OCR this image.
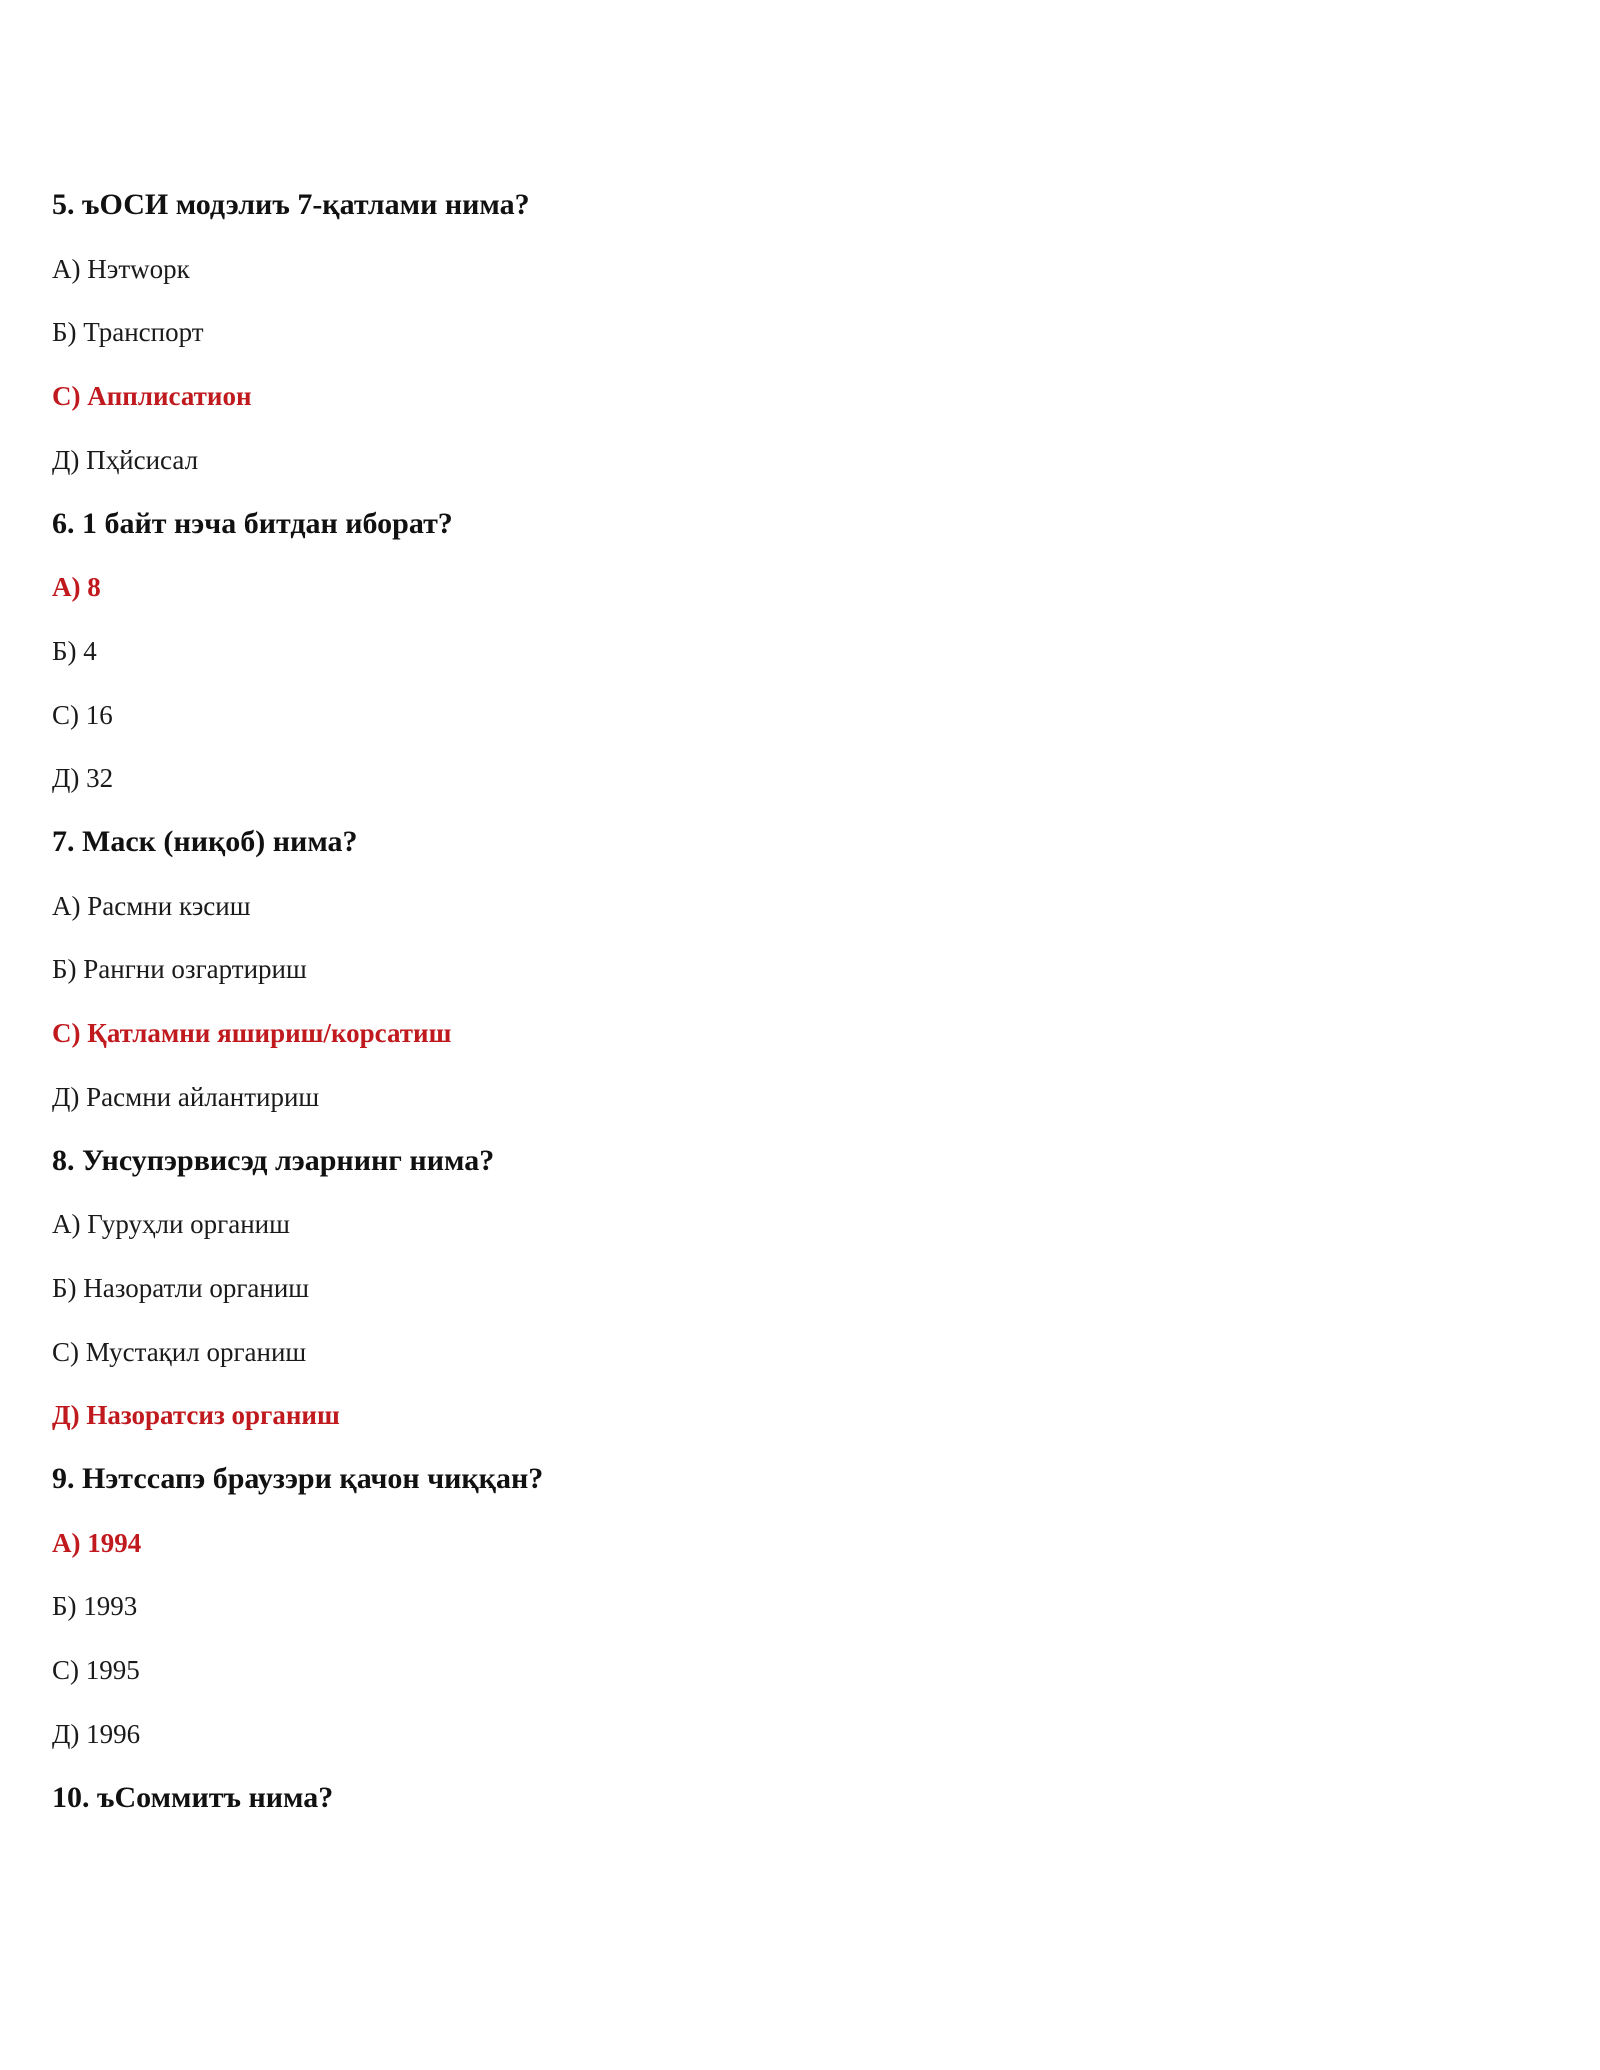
5. ъОСИ модэлиъ 7-қатлами нима?

А) Нэтwорк

Б) Транспорт

С) Апплисатион

Д) Пҳйсисал

6. 1 байт нэча битдан иборат?

А) 8

Б) 4

С) 16

Д) 32

7. Маск (ниқоб) нима?

А) Расмни кэсиш

Б) Рангни озгартириш

С) Қатламни яшириш/корсатиш

Д) Расмни айлантириш

8. Унсупэрвисэд лэарнинг нима?

А) Гуруҳли органиш

Б) Назоратли органиш

С) Мустақил органиш

Д) Назоратсиз органиш

9. Нэтссапэ браузэри қачон чиққан?

А) 1994

Б) 1993

С) 1995

Д) 1996

10. ъСоммитъ нима?
